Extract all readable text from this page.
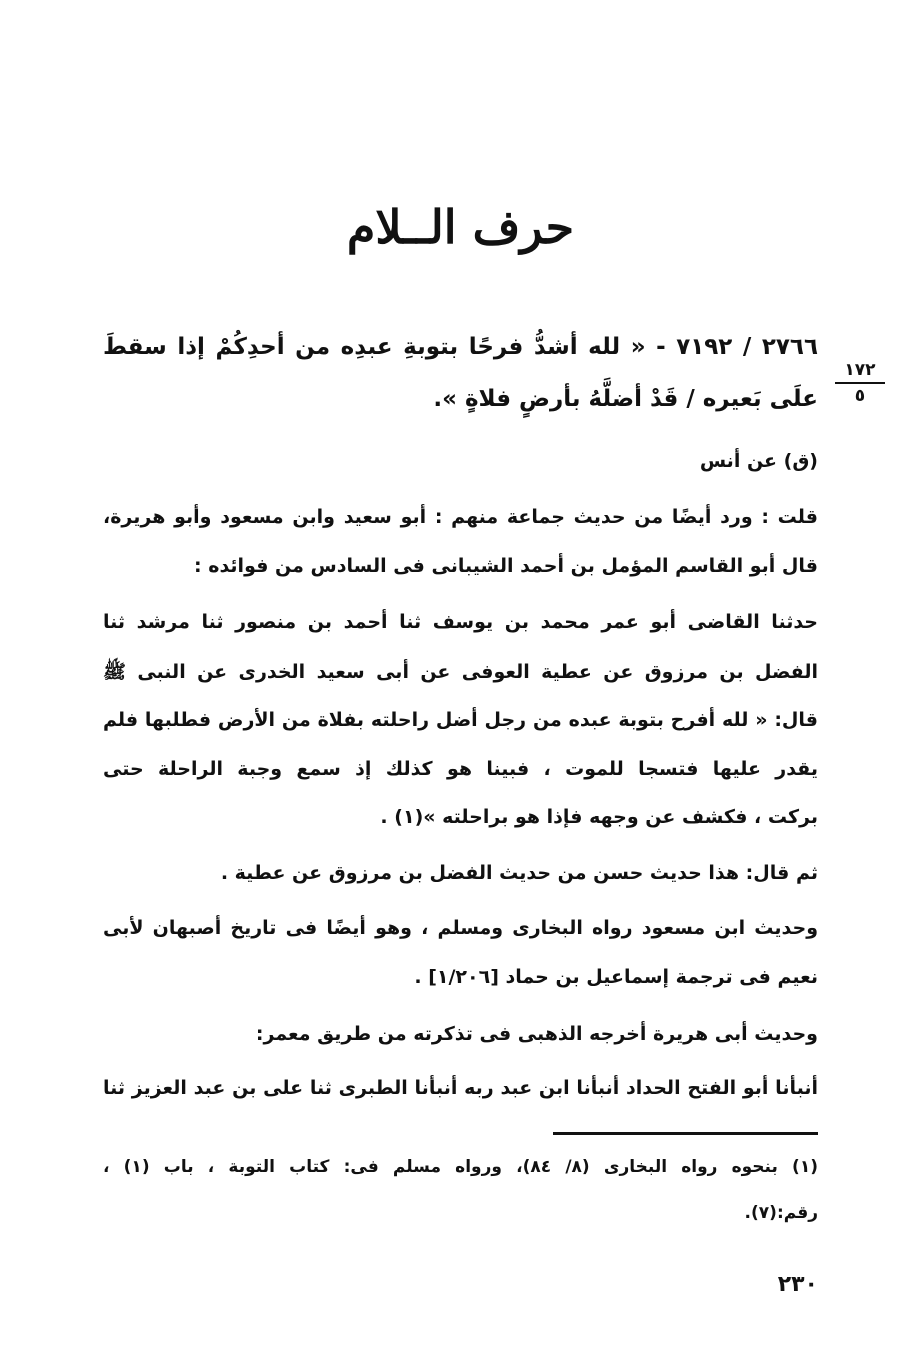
حرف الــلام
١٧٢
٥
٢٧٦٦ / ٧١٩٢ - « لله أشدُّ فرحًا بتوبةِ عبدِه من أحدِكُمْ إذا سقطَ
علَى بَعيره / قَدْ أضلَّهُ بأرضٍ فلاةٍ ».
(ق) عن أنس
قلت : ورد أيضًا من حديث جماعة منهم : أبو سعيد وابن مسعود وأبو هريرة،
قال أبو القاسم المؤمل بن أحمد الشيبانى فى السادس من فوائده :
حدثنا القاضى أبو عمر محمد بن يوسف ثنا أحمد بن منصور ثنا مرشد ثنا
الفضل بن مرزوق عن عطية العوفى عن أبى سعيد الخدرى عن النبى ﷺ
قال: « لله أفرح بتوبة عبده من رجل أضل راحلته بفلاة من الأرض فطلبها فلم
يقدر عليها فتسجا للموت ، فبينا هو كذلك إذ سمع وجبة الراحلة حتى
بركت ، فكشف عن وجهه فإذا هو براحلته »(١) .
ثم قال: هذا حديث حسن من حديث الفضل بن مرزوق عن عطية .
وحديث ابن مسعود رواه البخارى ومسلم ، وهو أيضًا فى تاريخ أصبهان لأبى
نعيم فى ترجمة إسماعيل بن حماد [١/٢٠٦] .
وحديث أبى هريرة أخرجه الذهبى فى تذكرته من طريق معمر:
أنبأنا أبو الفتح الحداد أنبأنا ابن عبد ربه أنبأنا الطبرى ثنا على بن عبد العزيز ثنا
(١) بنحوه رواه البخارى (٨/ ٨٤)، ورواه مسلم فى: كتاب التوبة ، باب (١) ،
رقم:(٧).
٢٣٠
